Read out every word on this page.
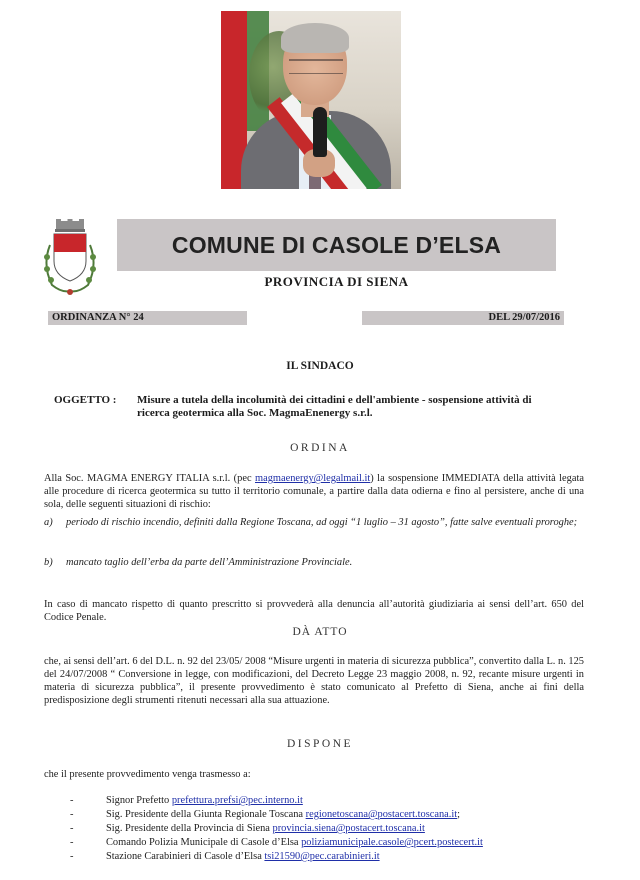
COMUNE DI CASOLE D’ELSA
PROVINCIA DI SIENA
ORDINANZA N° 24	DEL 29/07/2016
IL SINDACO
OGGETTO : Misure a tutela della incolumità dei cittadini e dell'ambiente - sospensione attività di ricerca geotermica alla Soc. MagmaEnenergy s.r.l.
ORDINA
Alla Soc. MAGMA ENERGY ITALIA s.r.l. (pec magmaenergy@legalmail.it) la sospensione IMMEDIATA della attività legata alle procedure di ricerca geotermica su tutto il territorio comunale, a partire dalla data odierna e fino al persistere, anche di una sola, delle seguenti situazioni di rischio:
a) periodo di rischio incendio, definiti dalla Regione Toscana, ad oggi “1 luglio – 31 agosto”, fatte salve eventuali proroghe;
b) mancato taglio dell’erba da parte dell’Amministrazione Provinciale.
In caso di mancato rispetto di quanto prescritto si provvederà alla denuncia all’autorità giudiziaria ai sensi dell’art. 650 del Codice Penale.
DÀ ATTO
che, ai sensi dell’art. 6 del D.L. n. 92 del 23/05/ 2008 “Misure urgenti in materia di sicurezza pubblica”, convertito dalla L. n. 125 del 24/07/2008 “ Conversione in legge, con modificazioni, del Decreto Legge 23 maggio 2008, n. 92, recante misure urgenti in materia di sicurezza pubblica”, il presente provvedimento è stato comunicato al Prefetto di Siena, anche ai fini della predisposizione degli strumenti ritenuti necessari alla sua attuazione.
DISPONE
che il presente provvedimento venga trasmesso a:
-	Signor Prefetto prefettura.prefsi@pec.interno.it
-	Sig. Presidente della Giunta Regionale Toscana regionetoscana@postacert.toscana.it;
-	Sig. Presidente della Provincia di Siena provincia.siena@postacert.toscana.it
-	Comando Polizia Municipale di Casole d’Elsa poliziamunicipale.casole@pcert.postecert.it
-	Stazione Carabinieri di Casole d’Elsa tsi21590@pec.carabinieri.it
